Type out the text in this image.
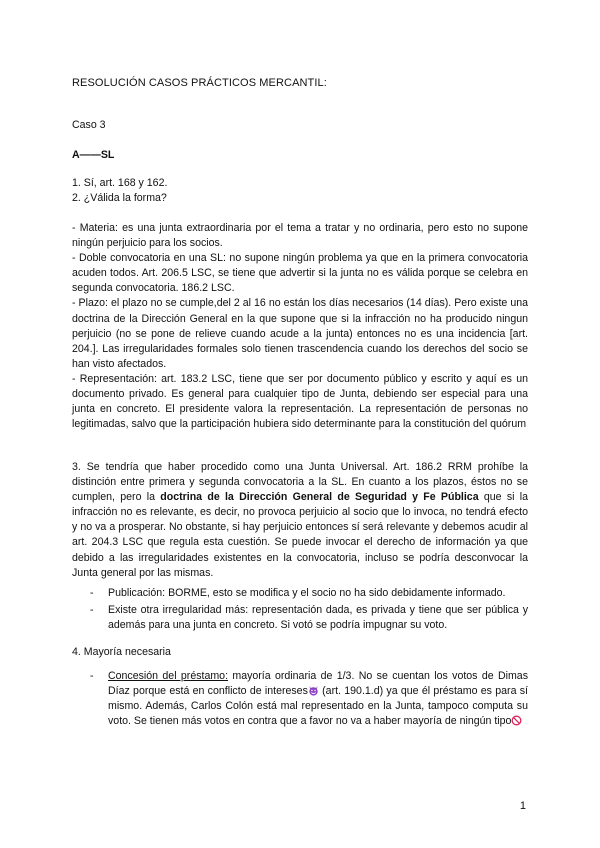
RESOLUCIÓN CASOS PRÁCTICOS MERCANTIL:
Caso 3
A——SL
1. Sí, art. 168 y 162.
2. ¿Válida la forma?
- Materia: es una junta extraordinaria por el tema a tratar y no ordinaria, pero esto no supone ningún perjuicio para los socios.
- Doble convocatoria en una SL: no supone ningún problema ya que en la primera convocatoria acuden todos. Art. 206.5 LSC, se tiene que advertir si la junta no es válida porque se celebra en segunda convocatoria. 186.2 LSC.
- Plazo: el plazo no se cumple,del 2 al 16 no están los días necesarios (14 días). Pero existe una doctrina de la Dirección General en la que supone que si la infracción no ha producido ningun perjuicio (no se pone de relieve cuando acude a la junta) entonces no es una incidencia [art. 204.]. Las irregularidades formales solo tienen trascendencia cuando los derechos del socio se han visto afectados.
- Representación: art. 183.2 LSC, tiene que ser por documento público y escrito y aquí es un documento privado. Es general para cualquier tipo de Junta, debiendo ser especial para una junta en concreto. El presidente valora la representación. La representación de personas no legitimadas, salvo que la participación hubiera sido determinante para la constitución del quórum
3. Se tendría que haber procedido como una Junta Universal. Art. 186.2 RRM prohíbe la distinción entre primera y segunda convocatoria a la SL. En cuanto a los plazos, éstos no se cumplen, pero la doctrina de la Dirección General de Seguridad y Fe Pública que si la infracción no es relevante, es decir, no provoca perjuicio al socio que lo invoca, no tendrá efecto y no va a prosperar. No obstante, si hay perjuicio entonces sí será relevante y debemos acudir al art. 204.3 LSC que regula esta cuestión. Se puede invocar el derecho de información ya que debido a las irregularidades existentes en la convocatoria, incluso se podría desconvocar la Junta general por las mismas.
- Publicación: BORME, esto se modifica y el socio no ha sido debidamente informado.
- Existe otra irregularidad más: representación dada, es privada y tiene que ser pública y además para una junta en concreto. Si votó se podría impugnar su voto.
4. Mayoría necesaria
- Concesión del préstamo: mayoría ordinaria de 1/3. No se cuentan los votos de Dimas Díaz porque está en conflicto de intereses (art. 190.1.d) ya que él préstamo es para sí mismo. Además, Carlos Colón está mal representado en la Junta, tampoco computa su voto. Se tienen más votos en contra que a favor no va a haber mayoría de ningún tipo
1
